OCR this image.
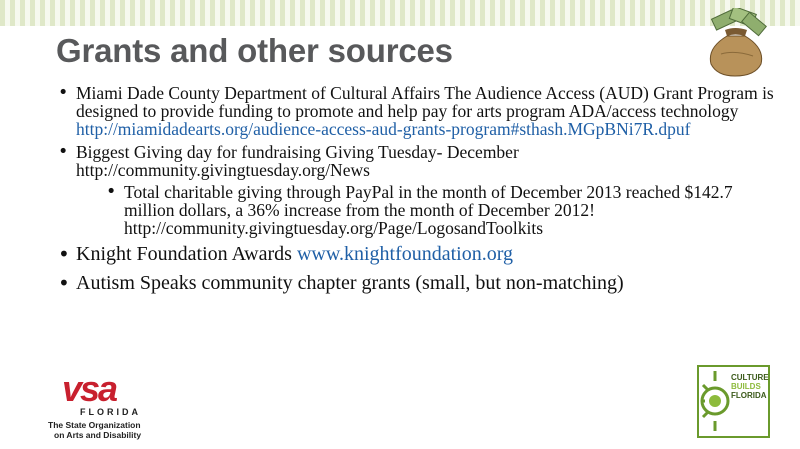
Grants and other sources
• Miami Dade County Department of Cultural Affairs The Audience Access (AUD) Grant Program is designed to provide funding to promote and help pay for arts program ADA/access technology http://miamidadearts.org/audience-access-aud-grants-program#sthash.MGpBNi7R.dpuf
• Biggest Giving day for fundraising Giving Tuesday- December http://community.givingtuesday.org/News
• Total charitable giving through PayPal in the month of December 2013 reached $142.7 million dollars, a 36% increase from the month of December 2012! http://community.givingtuesday.org/Page/LogosandToolkits
• Knight Foundation Awards www.knightfoundation.org
• Autism Speaks community chapter grants (small, but non-matching)
vsa
FLORIDA
The State Organization
on Arts and Disability
CULTURE
BUILDS
FLORIDA
